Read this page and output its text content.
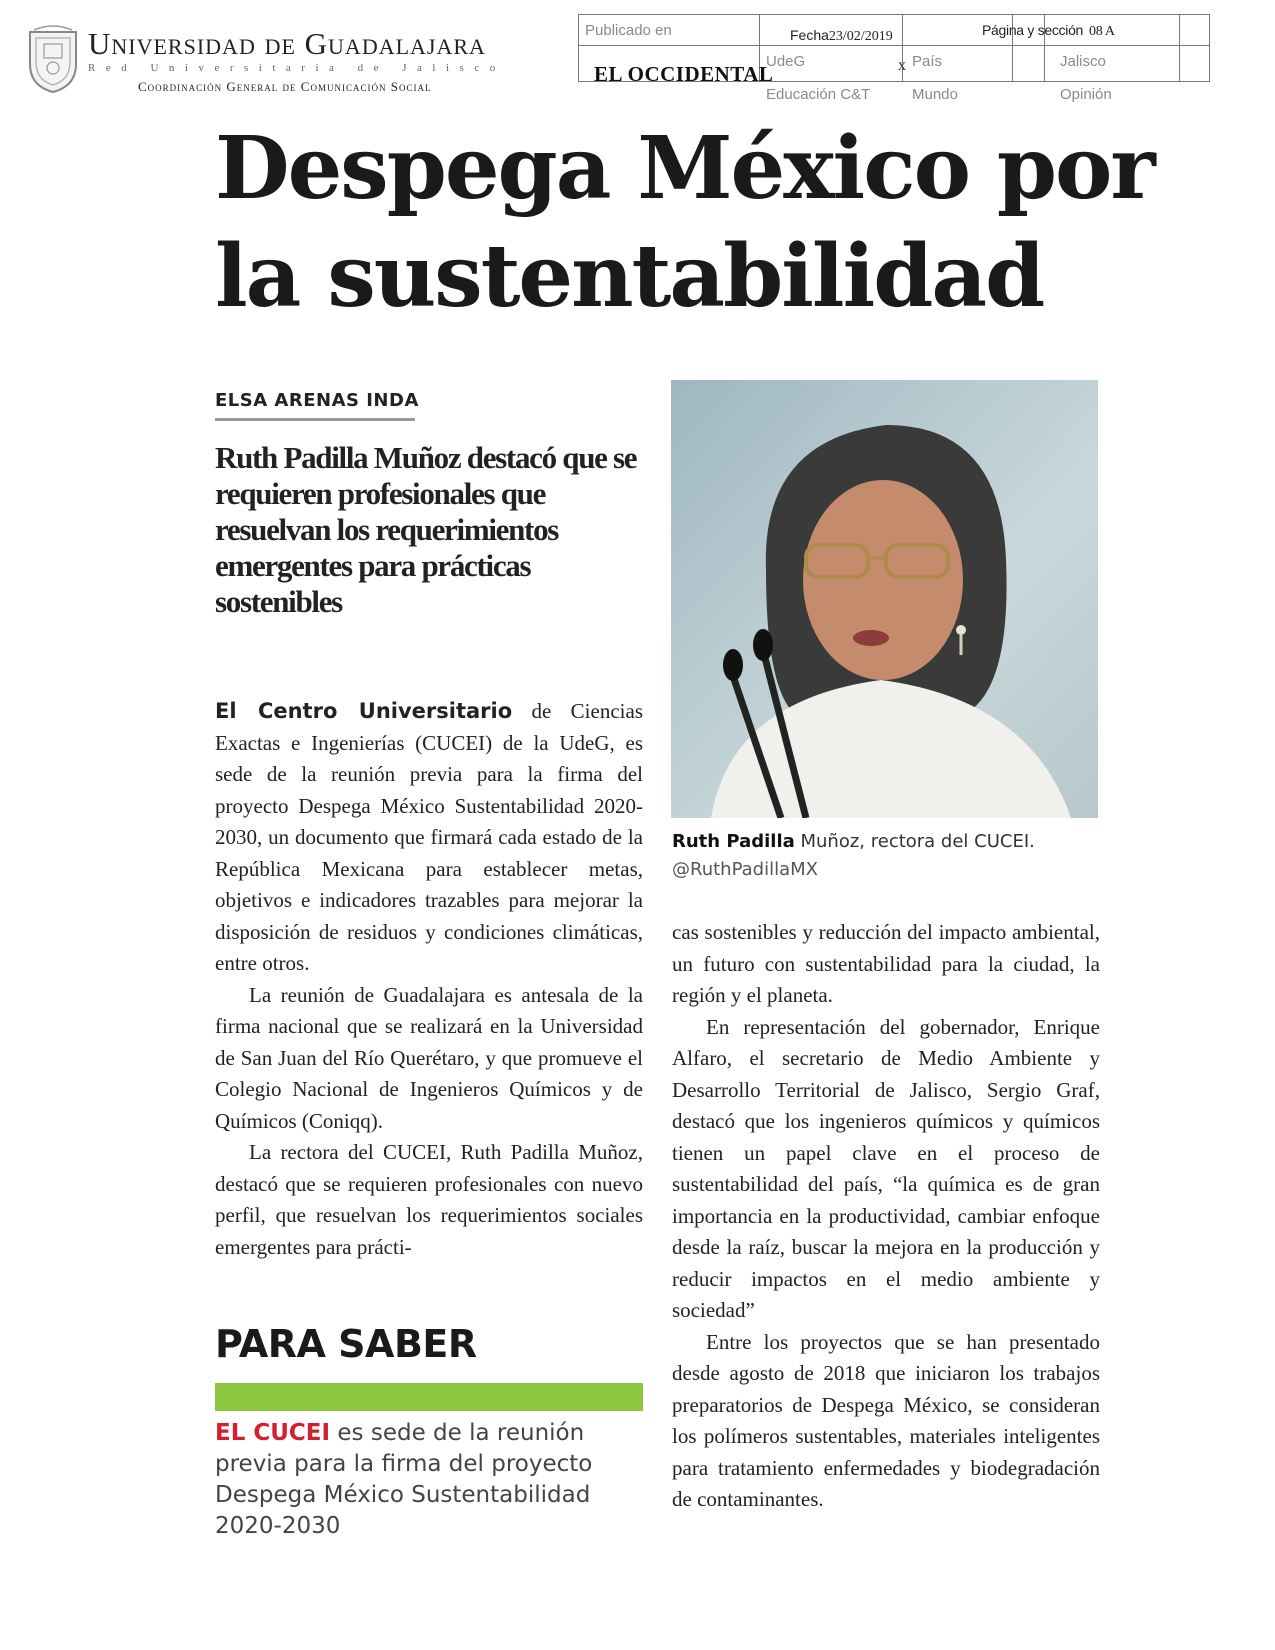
Universidad de Guadalajara
Red Universitaria de Jalisco
Coordinación General de Comunicación Social
Publicado en	Fecha23/02/2019	Página y sección 08 A
EL OCCIDENTAL
UdeG	x País	Jalisco
Educación C&T	Mundo	Opinión
Despega México por
la sustentabilidad
ELSA ARENAS INDA

Ruth Padilla Muñoz destacó que se requieren profesionales que resuelvan los requerimientos emergentes para prácticas sostenibles

Ruth Padilla Muñoz, rectora del CUCEI.
@RuthPadillaMX

El Centro Universitario de Ciencias Exactas e Ingenierías (CUCEI) de la UdeG, es sede de la reunión previa para la firma del proyecto Despega México Sustentabilidad 2020-2030, un documento que firmará cada estado de la República Mexicana para establecer metas, objetivos e indicadores trazables para mejorar la disposición de residuos y condiciones climáticas, entre otros.

La reunión de Guadalajara es antesala de la firma nacional que se realizará en la Universidad de San Juan del Río Querétaro, y que promueve el Colegio Nacional de Ingenieros Químicos y de Químicos (Coniqq).

La rectora del CUCEI, Ruth Padilla Muñoz, destacó que se requieren profesionales con nuevo perfil, que resuelvan los requerimientos sociales emergentes para prácti-

cas sostenibles y reducción del impacto ambiental, un futuro con sustentabilidad para la ciudad, la región y el planeta.

En representación del gobernador, Enrique Alfaro, el secretario de Medio Ambiente y Desarrollo Territorial de Jalisco, Sergio Graf, destacó que los ingenieros químicos y químicos tienen un papel clave en el proceso de sustentabilidad del país, “la química es de gran importancia en la productividad, cambiar enfoque desde la raíz, buscar la mejora en la producción y reducir impactos en el medio ambiente y sociedad”

Entre los proyectos que se han presentado desde agosto de 2018 que iniciaron los trabajos preparatorios de Despega México, se consideran los polímeros sustentables, materiales inteligentes para tratamiento enfermedades y biodegradación de contaminantes.

PARA SABER
EL CUCEI es sede de la reunión previa para la firma del proyecto Despega México Sustentabilidad 2020-2030
